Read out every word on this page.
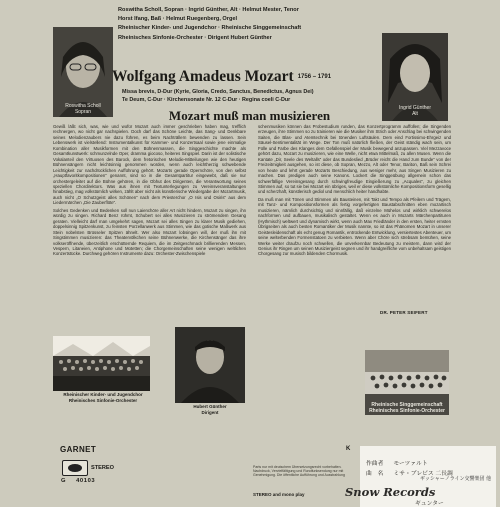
Roswitha Scholl
Sopran
Ingrid Günther
Alt
Roswitha Scholl, Sopran · Ingrid Günther, Alt · Helmut Mester, Tenor
Horst Ifang, Baß · Helmut Ruegenberg, Orgel
Rheinischer Kinder- und Jugendchor · Rheinische Singgemeinschaft
Rheinisches Sinfonie-Orchester · Dirigent Hubert Günther
Wolfgang Amadeus Mozart 1756 – 1791
Missa brevis, D-Dur (Kyrie, Gloria, Credo, Sanctus, Benedictus, Agnus Dei)
Te Deum, C-Dur · Kirchensonate Nr. 12 C-Dur · Regina coeli C-Dur
Mozart muß man musizieren

Gewiß läßt sich, was, wie und wofür Mozart auch immer geschrieben haben mag, trefflich rechnergen, wo nicht gar nachspielen. Doch darf das Schöne Leichte, das Sang- und Denkbare seines Melodienzaubers nie dazu führen, es beim Nachträllern bewenden zu lassen. Sein Lebenswerk ist vielstellend: Instrumentalkunst für Kammer- und Konzertsaal sowie jene einmalige Kombination aller Musikformen mit den Bühnenmassen, die Singgeschichte machte als Gesamtkunstwerk: schmunzelnde Oper, dramma giocoso, heiteres Singspiel. Darin ist der solistische Vokalanteil den Virtuosen des Barock, dem fretorischen Melodie-Mitteilungen wie den heutigen Bühnensängern nicht leichtsinnig genommen worden, wenn auch leichtherzig schwebende Leichtigkeit zur nachdrücklichen Aufführung gehört. Mozarts gerade Opernchöre, von den selbst „Hauptfavoritkompositionen“ genannt, sind so in die Gesamtpartitur eingewebt, daß sie nur orchestergeleitet auf die Bühne gehören, in die Obhut des Dirigenten, die Verantwortung seines speziellen Chordirektors. Was aus ihnen mit Textunterlegungen zu Vereinsveranstaltungen hinabstieg, mag volkstümlich wirken, zählt aber nicht als künstlerische Wiedergabe der Mozartmusik, auch nicht „O Schutzgeist alles Schönen“ nach dem Priesterchor „O Isis und Osiris“ aus dem Liedermärchen „Die Zauberflöte“.

Solches Gedenken und Bedenken soll nun Laienchöre aller Art nicht hindern, Mozart zu singen, ihn würdig zu singen. Richard Benz rühmt, Schubert sei alles Musizieren zu strömendem Gesang geraten. Vielleicht darf man umgekehrt sagen, Mozart sei alles Singen zu klarer Musik gediehen, doppelsinnig Spitzenkunst, zu feinsten Porzellanwerk aus Stimmen, wie das gotische Maßwerk aus Stein nobelsten Brüsseler Spitzen ähnelt. Wer also Mozart lobsingen will, der muß ihn mit Singstimmen musizieren: das Theatervölkchen seine Bühnenwerke, die Kirchensänger das ihre volkseröffnende, überzeitlich erschütternde Requiem, die im Zeitgeschmack brillierenden Messen, Vespern, Litaneien, Antiphone und Motetten; die Chorgemeinschaften seine wenigen weltlichen Konzertstücke. Durchweg gehören Instrumente dazu: Orchester-Zwischenspiele

schenmusiken können das Probestudium runden, das Konzertprogramm auffüllen; die Singenden erzeugen, ihre Stimmen so zu trainieren wie die Musiker ihm Strich oder Anschlag bei schwingenden Saiten, die Blas- und Atemtechnik bei tönenden Luftsäulen. Dem eind Fortissimo-Ehrgeiz und Säusel-Sentimentalität im Wege. Der Ton muß natürlich fließen, der Geist ständig wach sein, um Fülle und Farbe des Klanges dem Gefallenspiel der Musik bewegend anzupassen. Viel Mezzavoce gehört dazu, Mozart zu musizieren, wie eine Welle, nicht etwa Mittelmaß, zu allen Musen. Wenn die Kantate „Dir, Seele des Weltalls“ oder das Bundeslied „Brüder reicht die Hand zum Bunde“ von der Freizeitmigkeit ausgehen, so ist diese, ob Sopran, Mezzo, Alt oder Tenor, Bariton, Baß sein Schrei von heute und lehrt gerade Mozarts Beschiedung, aus weniger mehr, aus Singen Musizieren zu machen. Das predigen auch seine Kanons. Lockert die Singgeübung allgemein schon das schwerfällige Vereinsgesang durch schwingfreudige Eingießerung zu „Acquales“, zu gleichen Stimmen auf, so tut sie bei Mozart ein übriges, weil er diese volkstümliche Kompositionsform gesellig und scherzhaft, künstlerisch gediol und menschlich heiter handhabte.

Da muß man mit Tönen und Stimmen als Bausteinen, mit Takt und Tempo als Pfeilern und Trägern, mit Tanz- und Kompositionsformen als fertig vorgefertigten Baustabschnitten eben mozartisch musizieren, nämlich durchsichtig und sinnfällig, daß einzelne Mühelos und wirklich schwerelos nachformen und aufbauen, musikalisch gestaltet. Wenn es auch in Mozarts Märchenpartituren (Hythmisch) weltwert und dynamisch wirkt, wenn auch Max Friedländer in den ersten, heiter ernsten Übrigseiten als auch besten Romantiker der Musik nannte, so ist das Phänomen Mozart in unserer Geistesleidenschaft als echt genug Romantik, entrückende Entwicklung, versiertestes Abenteuer, um seine welterbenden Formenstatoen zu verbieten. Wenn aber Chöre sich strebsam bemühen, seine Werke weiter draufzu noch schwellen, die unverkennbar Bedeutung zu meistern, dann wird der Genius ihr Ringen um seinen Musiziergeist segnen und ihr handgreifliche vom unbehaltsam geistigen Chorgesang zur musisch bildenden Chormusik.

DR. PETER SEIFERT
Rheinischer Kinder- und Jugendchor
Rheinisches Sinfonie-Orchester
Hubert Günther
Dirigent
Rheinische Singgemeinschaft
Rheinisches Sinfonie-Orchester
GARNET
STEREO
G 40103
Parts nur mit deutschem Übersetzungsrecht vorbehalten. Nachdruck, Vervielfältigung und Rundfunksendung nur mit Genehmigung. Die öffentliche Aufführung und Ausstrahlung
STEREO and mono play
作曲者 モーツァルト
曲　名 ミサ・ブレビス 二長調
K
Snow Records
ギッシャーノライン交響楽団 他
ギュンター
